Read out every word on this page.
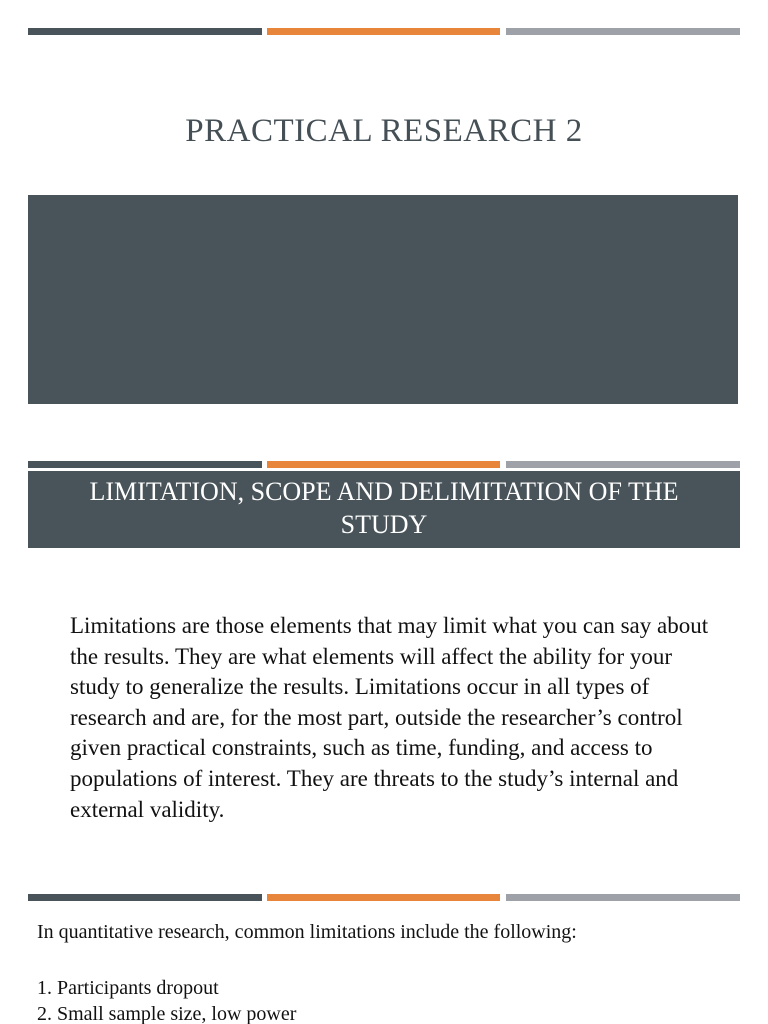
PRACTICAL RESEARCH 2
LIMITATION, SCOPE AND DELIMITATION OF THE
STUDY

Limitations are those elements that may limit what you can say about the results. They are what elements will affect the ability for your study to generalize the results. Limitations occur in all types of research and are, for the most part, outside the researcher’s control given practical constraints, such as time, funding, and access to populations of interest. They are threats to the study’s internal and external validity.

In quantitative research, common limitations include the following:

1. Participants dropout
2. Small sample size, low power
